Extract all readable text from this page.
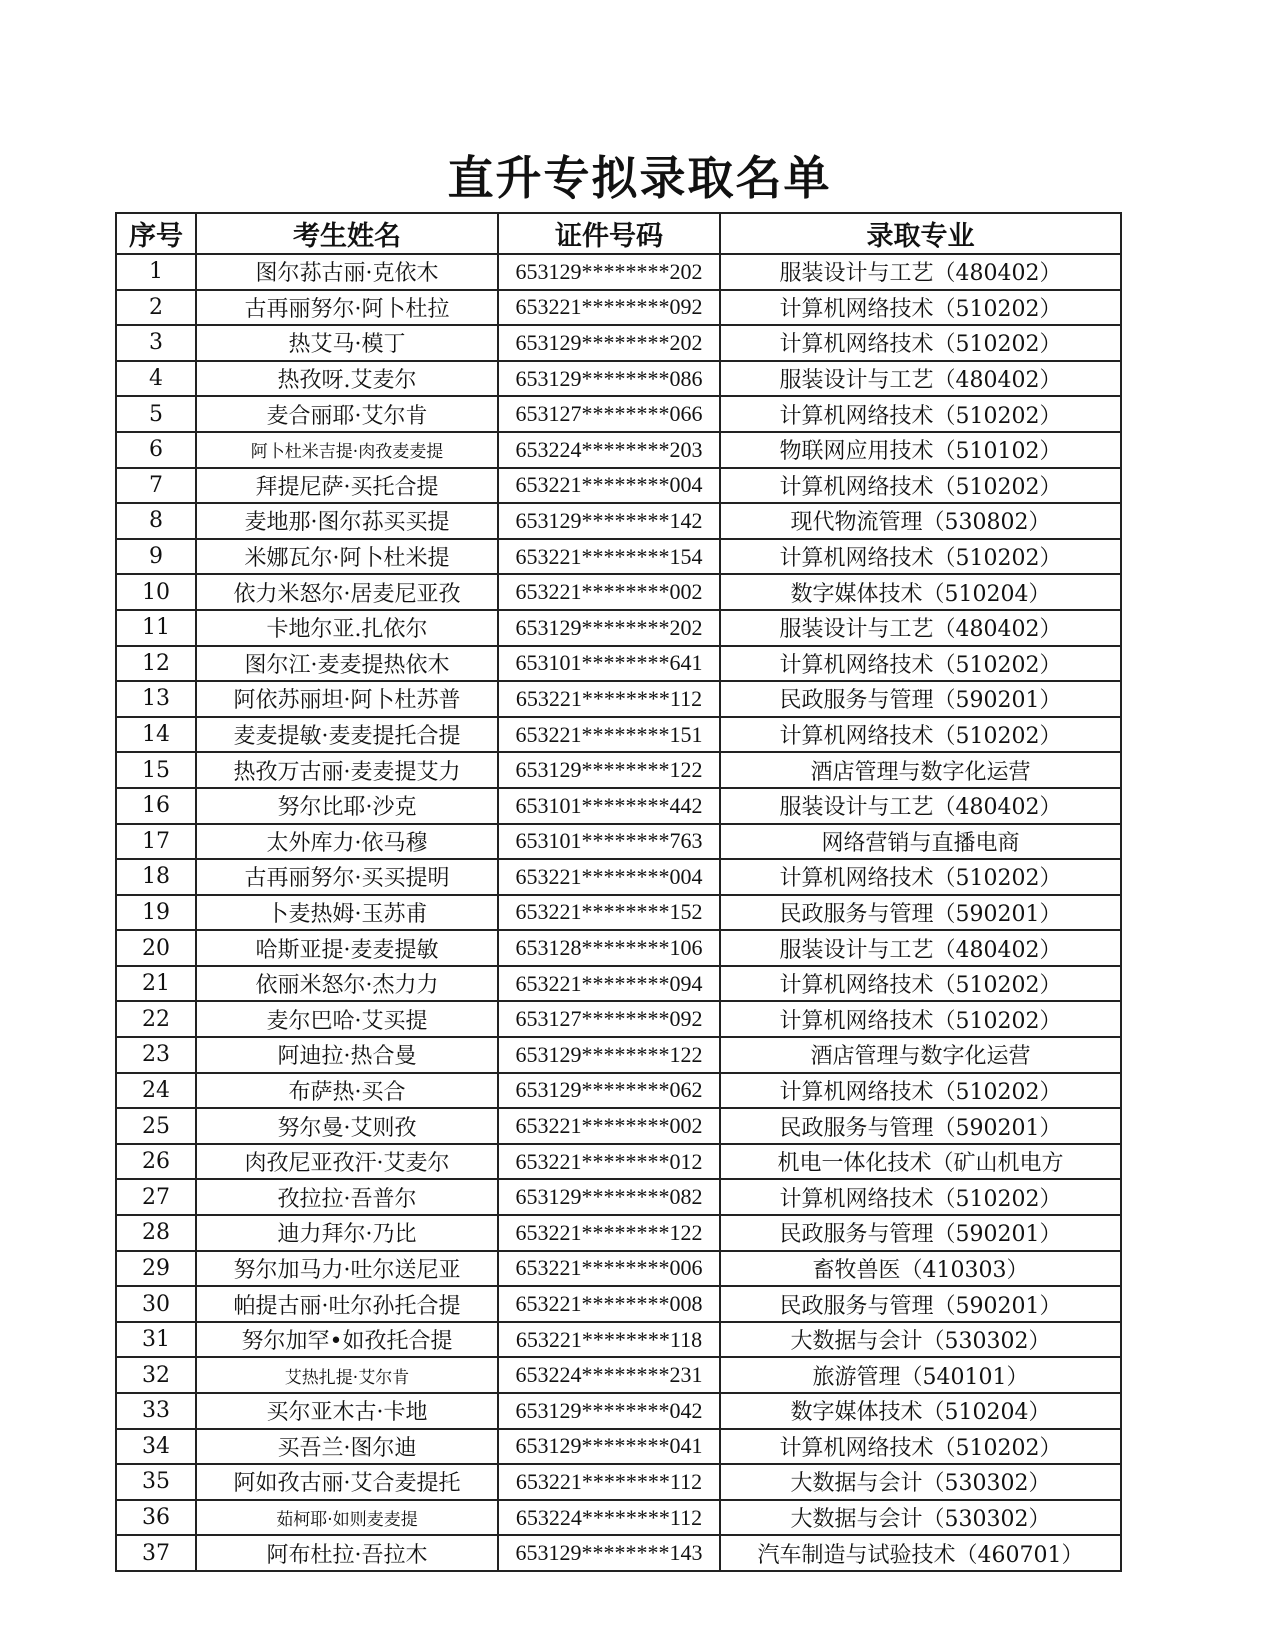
直升专拟录取名单
序号	考生姓名	证件号码	录取专业
1	图尔荪古丽·克依木	653129********202	服装设计与工艺（480402）
2	古再丽努尔·阿卜杜拉	653221********092	计算机网络技术（510202）
3	热艾马·模丁	653129********202	计算机网络技术（510202）
4	热孜呀.艾麦尔	653129********086	服装设计与工艺（480402）
5	麦合丽耶·艾尔肯	653127********066	计算机网络技术（510202）
6	阿卜杜米吉提·肉孜麦麦提	653224********203	物联网应用技术（510102）
7	拜提尼萨·买托合提	653221********004	计算机网络技术（510202）
8	麦地那·图尔荪买买提	653129********142	现代物流管理（530802）
9	米娜瓦尔·阿卜杜米提	653221********154	计算机网络技术（510202）
10	依力米怒尔·居麦尼亚孜	653221********002	数字媒体技术（510204）
11	卡地尔亚.扎依尔	653129********202	服装设计与工艺（480402）
12	图尔江·麦麦提热依木	653101********641	计算机网络技术（510202）
13	阿依苏丽坦·阿卜杜苏普	653221********112	民政服务与管理（590201）
14	麦麦提敏·麦麦提托合提	653221********151	计算机网络技术（510202）
15	热孜万古丽·麦麦提艾力	653129********122	酒店管理与数字化运营
16	努尔比耶·沙克	653101********442	服装设计与工艺（480402）
17	太外库力·依马穆	653101********763	网络营销与直播电商
18	古再丽努尔·买买提明	653221********004	计算机网络技术（510202）
19	卜麦热姆·玉苏甫	653221********152	民政服务与管理（590201）
20	哈斯亚提·麦麦提敏	653128********106	服装设计与工艺（480402）
21	依丽米怒尔·杰力力	653221********094	计算机网络技术（510202）
22	麦尔巴哈·艾买提	653127********092	计算机网络技术（510202）
23	阿迪拉·热合曼	653129********122	酒店管理与数字化运营
24	布萨热·买合	653129********062	计算机网络技术（510202）
25	努尔曼·艾则孜	653221********002	民政服务与管理（590201）
26	肉孜尼亚孜汗·艾麦尔	653221********012	机电一体化技术（矿山机电方
27	孜拉拉·吾普尔	653129********082	计算机网络技术（510202）
28	迪力拜尔·乃比	653221********122	民政服务与管理（590201）
29	努尔加马力·吐尔送尼亚	653221********006	畜牧兽医（410303）
30	帕提古丽·吐尔孙托合提	653221********008	民政服务与管理（590201）
31	努尔加罕•如孜托合提	653221********118	大数据与会计（530302）
32	艾热扎提·艾尔肯	653224********231	旅游管理（540101）
33	买尔亚木古·卡地	653129********042	数字媒体技术（510204）
34	买吾兰·图尔迪	653129********041	计算机网络技术（510202）
35	阿如孜古丽·艾合麦提托	653221********112	大数据与会计（530302）
36	茹柯耶·如则麦麦提	653224********112	大数据与会计（530302）
37	阿布杜拉·吾拉木	653129********143	汽车制造与试验技术（460701）
